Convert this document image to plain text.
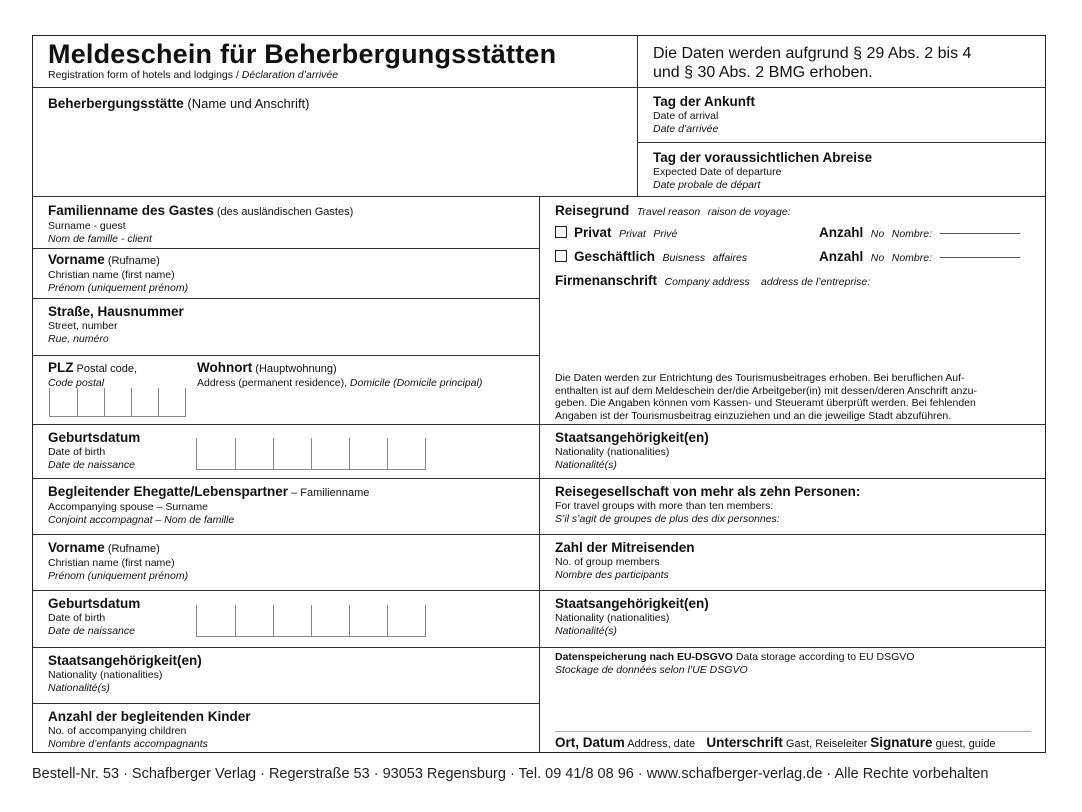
Meldeschein für Beherbergungsstätten
Registration form of hotels and lodgings / Déclaration d’arrivée
Die Daten werden aufgrund § 29 Abs. 2 bis 4
und § 30 Abs. 2 BMG erhoben.
Beherbergungsstätte (Name und Anschrift)	Tag der Ankunft
Date of arrival
Date d’arrivée
Tag der voraussichtlichen Abreise
Expected Date of departure
Date probale de départ
Familienname des Gastes (des ausländischen Gastes)
Surname - guest
Nom de famille - client
Vorname (Rufname)
Christian name (first name)
Prénom (uniquement prénom)
Straße, Hausnummer
Street, number
Rue, numéro
PLZ Postal code,
Code postal
Wohnort (Hauptwohnung)
Address (permanent residence), Domicile (Domicile principal)
Reisegrund Travel reason raison de voyage:
Privat Privat Privé	Anzahl No Nombre:
Geschäftlich Buisness affaires	Anzahl No Nombre:
Firmenanschrift Company address address de l’entreprise:
Die Daten werden zur Entrichtung des Tourismusbeitrages erhoben. Bei beruflichen Auf-
enthalten ist auf dem Meldeschein der/die Arbeitgeber(in) mit dessen/deren Anschrift anzu-
geben. Die Angaben können vom Kassen- und Steueramt überprüft werden. Bei fehlenden
Angaben ist der Tourismusbeitrag einzuziehen und an die jeweilige Stadt abzuführen.
Geburtsdatum
Date of birth
Date de naissance
Staatsangehörigkeit(en)
Nationality (nationalities)
Nationalité(s)
Begleitender Ehegatte/Lebenspartner – Familienname
Accompanying spouse – Surname
Conjoint accompagnat – Nom de famille
Reisegesellschaft von mehr als zehn Personen:
For travel groups with more than ten members:
S’il s’agit de groupes de plus des dix personnes:
Vorname (Rufname)
Christian name (first name)
Prénom (uniquement prénom)
Zahl der Mitreisenden
No. of group members
Nombre des participants
Geburtsdatum
Date of birth
Date de naissance
Staatsangehörigkeit(en)
Nationality (nationalities)
Nationalité(s)
Staatsangehörigkeit(en)
Nationality (nationalities)
Nationalité(s)
Datenspeicherung nach EU-DSGVO Data storage according to EU DSGVO
Stockage de données selon l’UE DSGVO
Anzahl der begleitenden Kinder
No. of accompanying children
Nombre d’enfants accompagnants	Ort, Datum Address, date Unterschrift Gast, Reiseleiter Signature guest, guide
Bestell-Nr. 53 · Schafberger Verlag · Regerstraße 53 · 93053 Regensburg · Tel. 09 41/8 08 96 · www.schafberger-verlag.de · Alle Rechte vorbehalten
